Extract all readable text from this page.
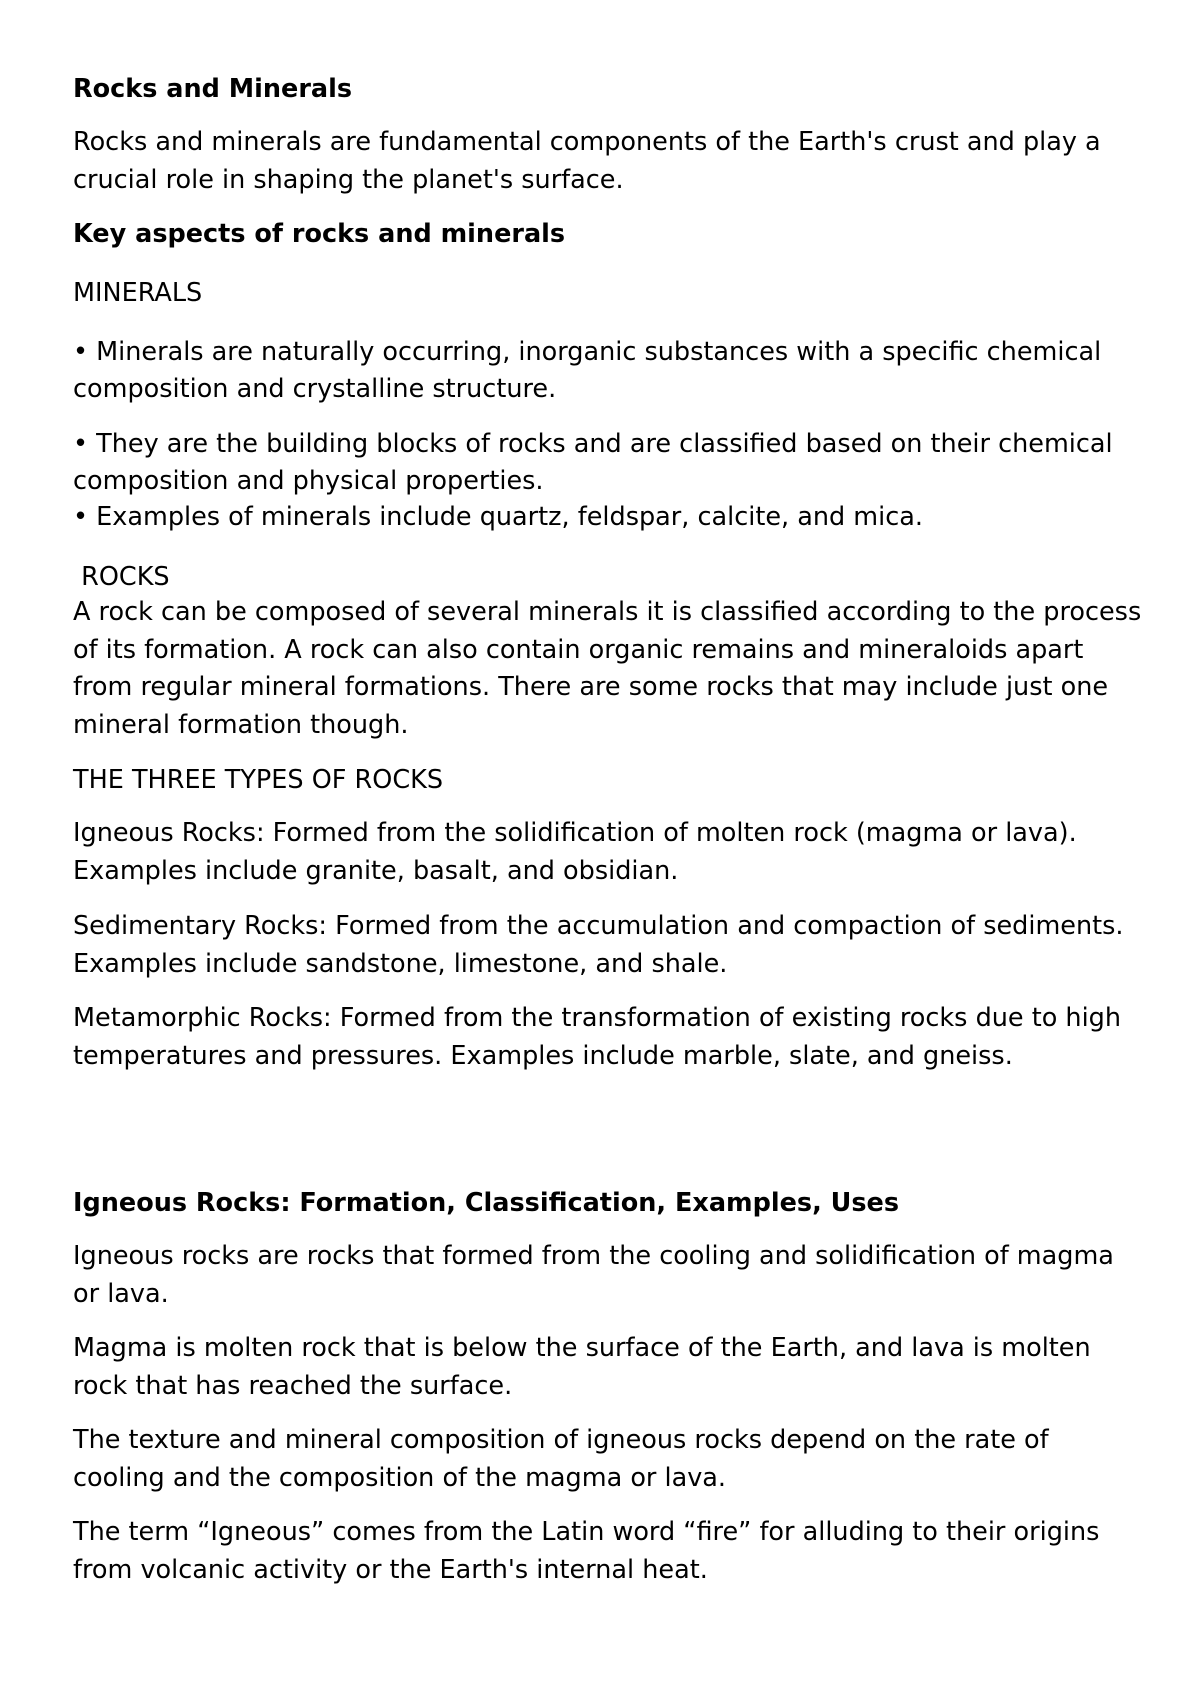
Rocks and Minerals

Rocks and minerals are fundamental components of the Earth's crust and play a crucial role in shaping the planet's surface.

Key aspects of rocks and minerals

MINERALS

• Minerals are naturally occurring, inorganic substances with a specific chemical composition and crystalline structure.

• They are the building blocks of rocks and are classified based on their chemical composition and physical properties.

• Examples of minerals include quartz, feldspar, calcite, and mica.

ROCKS

A rock can be composed of several minerals it is classified according to the process of its formation. A rock can also contain organic remains and mineraloids apart from regular mineral formations. There are some rocks that may include just one mineral formation though.

THE THREE TYPES OF ROCKS

Igneous Rocks: Formed from the solidification of molten rock (magma or lava). Examples include granite, basalt, and obsidian.

Sedimentary Rocks: Formed from the accumulation and compaction of sediments. Examples include sandstone, limestone, and shale.

Metamorphic Rocks: Formed from the transformation of existing rocks due to high temperatures and pressures. Examples include marble, slate, and gneiss.

Igneous Rocks: Formation, Classification, Examples, Uses

Igneous rocks are rocks that formed from the cooling and solidification of magma or lava.

Magma is molten rock that is below the surface of the Earth, and lava is molten rock that has reached the surface.

The texture and mineral composition of igneous rocks depend on the rate of cooling and the composition of the magma or lava.

The term “Igneous” comes from the Latin word “fire” for alluding to their origins from volcanic activity or the Earth's internal heat.
